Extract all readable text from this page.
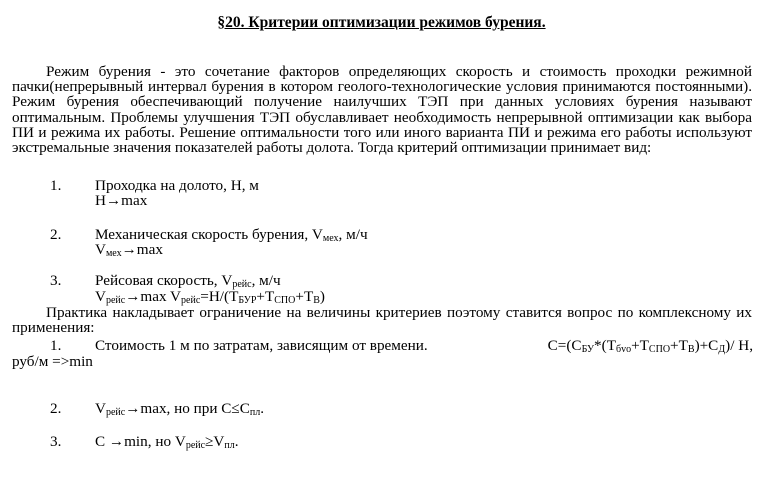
§20. Критерии оптимизации режимов бурения.

Режим бурения - это сочетание факторов определяющих скорость и стоимость проходки режимной пачки(непрерывный интервал бурения в котором геолого-технологические условия принимаются постоянными). Режим бурения обеспечивающий получение наилучших ТЭП при данных условиях бурения называют оптимальным. Проблемы улучшения ТЭП обуславливает необходимость непрерывной оптимизации как выбора ПИ и режима их работы. Решение оптимальности того или иного варианта ПИ и режима его работы используют экстремальные значения показателей работы долота. Тогда критерий оптимизации принимает вид:

1. Проходка на долото, Н, м
Н→max
2. Механическая скорость бурения, $V_{мех}$, м/ч
$V_{мех}\to\max$
3. Рейсовая скорость, $V_{рейс}$, м/ч
$V_{рейс}\to\max$ $V_{рейс}=Н/(Т_{БУР}+Т_{СПО}+Т_В)$

Практика накладывает ограничение на величины критериев поэтому ставится вопрос по комплексному их применения:

1. Стоимость 1 м по затратам, зависящим от времени.	$С=(С_{БУ}*(Т_{бvо}+Т_{СПО}+Т_В)+С_Д)/$ Н,
руб/м =>min
2. $V_{рейс}\to\max$, но при $С\le С_{пл}$.
3. С →min, но $V_{рейс}\ge V_{пл}$.
